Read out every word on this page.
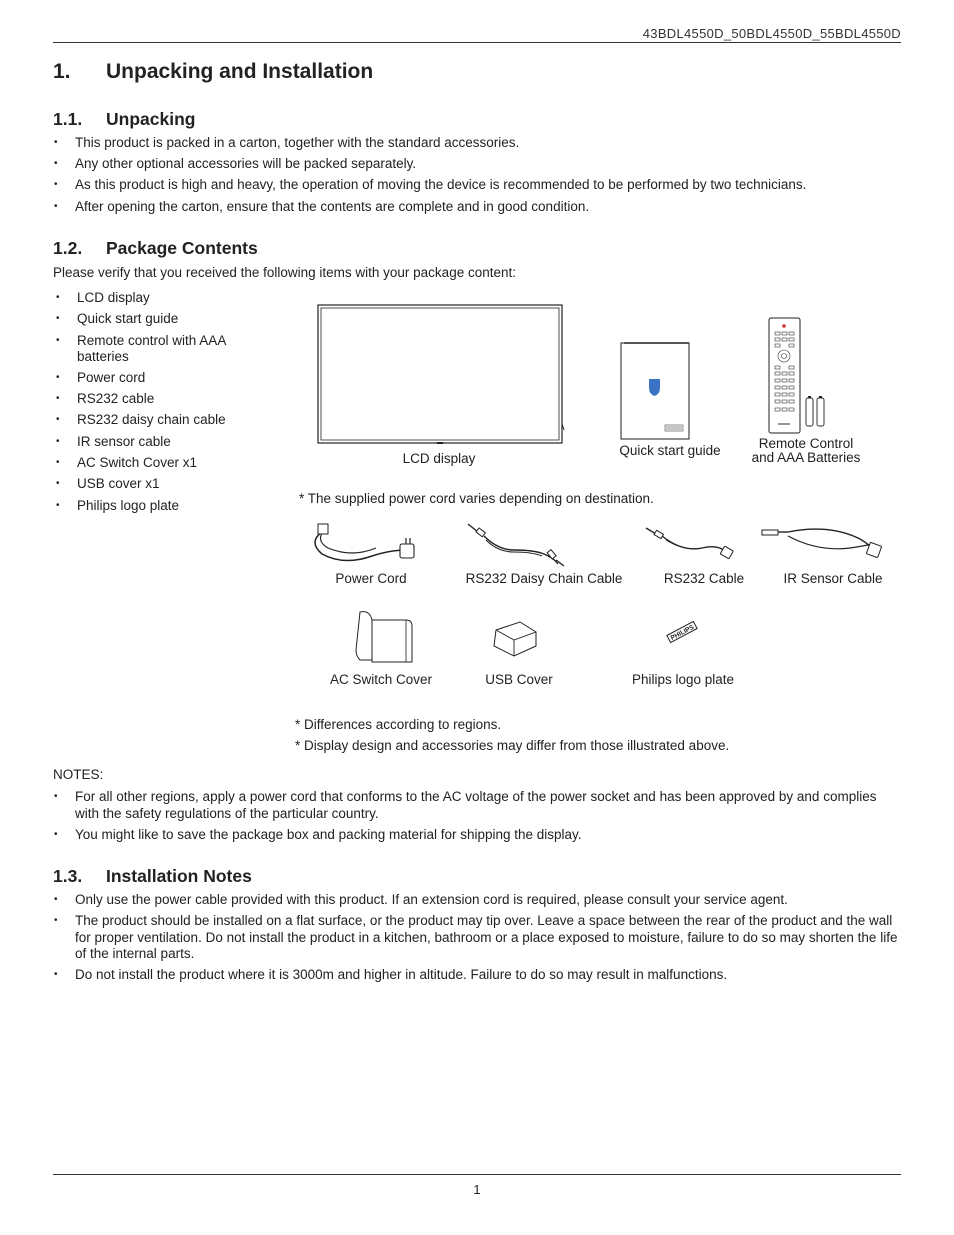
43BDL4550D_50BDL4550D_55BDL4550D
1. Unpacking and Installation
1.1. Unpacking
• This product is packed in a carton, together with the standard accessories.
• Any other optional accessories will be packed separately.
• As this product is high and heavy, the operation of moving the device is recommended to be performed by two technicians.
• After opening the carton, ensure that the contents are complete and in good condition.
1.2. Package Contents
Please verify that you received the following items with your package content:
• LCD display
• Quick start guide
• Remote control with AAA batteries
• Power cord
• RS232 cable
• RS232 daisy chain cable
• IR sensor cable
• AC Switch Cover x1
• USB cover x1
• Philips logo plate
LCD display
Quick start guide	Remote Control
and AAA Batteries
* The supplied power cord varies depending on destination.
Power Cord	RS232 Daisy Chain Cable	RS232 Cable	IR Sensor Cable
AC Switch Cover	USB Cover
PHILIPS
Philips logo plate
* Differences according to regions.
* Display design and accessories may differ from those illustrated above.
NOTES:
• For all other regions, apply a power cord that conforms to the AC voltage of the power socket and has been approved by and complies with the safety regulations of the particular country.
• You might like to save the package box and packing material for shipping the display.
1.3. Installation Notes
• Only use the power cable provided with this product. If an extension cord is required, please consult your service agent.
• The product should be installed on a flat surface, or the product may tip over. Leave a space between the rear of the product and the wall for proper ventilation. Do not install the product in a kitchen, bathroom or a place exposed to moisture, failure to do so may shorten the life of the internal parts.
• Do not install the product where it is 3000m and higher in altitude. Failure to do so may result in malfunctions.
1
